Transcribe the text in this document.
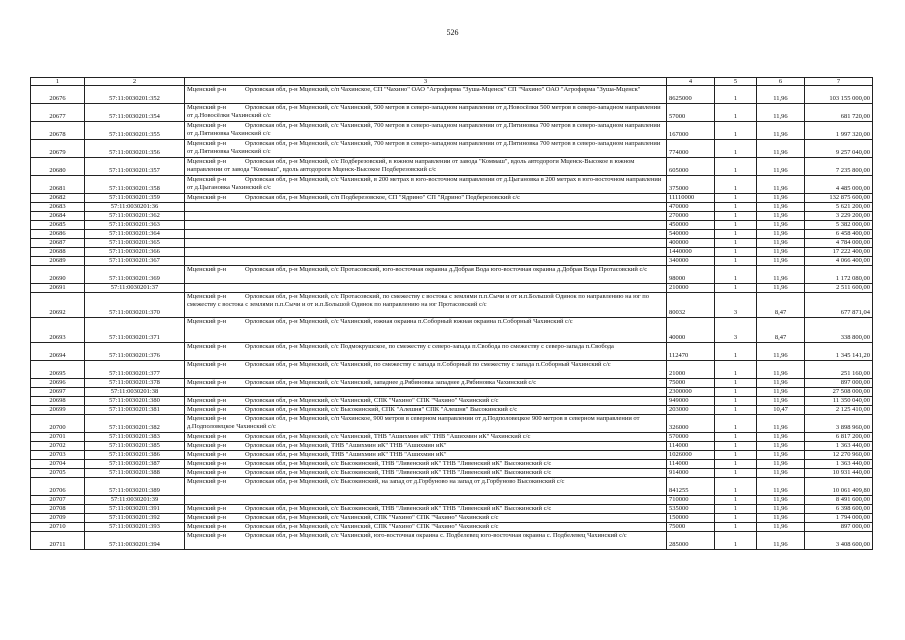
526
1	2	3	4	5	6	7
20676	57:11:0030201:352	Мценский р-н Орловская обл, р-н Мценский, с/п Чахинское, СП "Чахино" ОАО "Агрофирма "Зуша-Мценск" СП "Чахино" ОАО "Агрофирма "Зуша-Мценск"	8625000	1	11,96	103 155 000,00
20677	57:11:0030201:354	Мценский р-н Орловская обл, р-н Мценский, с/с Чахинский, 500 метров в северо-западном направлении от д.Новосёлки 500 метров в северо-западном направлении от д.Новосёлки Чахинский с/с	57000	1	11,96	681 720,00
20678	57:11:0030201:355	Мценский р-н Орловская обл, р-н Мценский, с/с Чахинский, 700 метров в северо-западном направлении от д.Пятиновка 700 метров в северо-западном направлении от д.Пятиновка Чахинский с/с	167000	1	11,96	1 997 320,00
20679	57:11:0030201:356	Мценский р-н Орловская обл, р-н Мценский, с/с Чахинский, 700 метров в северо-западном направлении от д.Пятиновка 700 метров в северо-западном направлении от д.Пятиновка Чахинский с/с	774000	1	11,96	9 257 040,00
20680	57:11:0030201:357	Мценский р-н Орловская обл, р-н Мценский, с/с Подберезовский, в южном направлении от завода "Коммаш", вдоль автодороги Мценск-Высокое в южном направлении от завода "Коммаш", вдоль автодороги Мценск-Высокое Подберезовский с/с	605000	1	11,96	7 235 800,00
20681	57:11:0030201:358	Мценский р-н Орловская обл, р-н Мценский, с/с Чахинский, в 200 метрах в юго-восточном направлении от д.Цыгановка в 200 метрах в юго-восточном направлении от д.Цыгановка Чахинский с/с	375000	1	11,96	4 485 000,00
20682	57:11:0030201:359	Мценский р-н Орловская обл, р-н Мценский, с/п Подберезовское, СП "Ядрино" СП "Ядрино" Подберезовский с/с	11110000	1	11,96	132 875 600,00
20683	57:11:0030201:36		470000	1	11,96	5 621 200,00
20684	57:11:0030201:362		270000	1	11,96	3 229 200,00
20685	57:11:0030201:363		450000	1	11,96	5 382 000,00
20686	57:11:0030201:364		540000	1	11,96	6 458 400,00
20687	57:11:0030201:365		400000	1	11,96	4 784 000,00
20688	57:11:0030201:366		1440000	1	11,96	17 222 400,00
20689	57:11:0030201:367		340000	1	11,96	4 066 400,00
20690	57:11:0030201:369	Мценский р-н Орловская обл, р-н Мценский, с/с Протасовский, юго-восточная окраина д.Добрая Вода юго-восточная окраина д.Добрая Вода Протасовский с/с	98000	1	11,96	1 172 080,00
20691	57:11:0030201:37		210000	1	11,96	2 511 600,00
20692	57:11:0030201:370	Мценский р-н Орловская обл, р-н Мценский, с/с Протасовский, по смежеству с востока с землями п.п.Сычи и от и.п.Большой Одинок по направлению на юг по смежеству с востока с землями п.п.Сычи и от и.п.Большой Одинок по направлению на юг Протасовский с/с	80032	3	8,47	677 871,04
20693	57:11:0030201:371	Мценский р-н Орловская обл, р-н Мценский, с/с Чахинский, южная окраина п.Соборный южная окраина п.Соборный Чахинский с/с	40000	3	8,47	338 800,00
20694	57:11:0030201:376	Мценский р-н Орловская обл, р-н Мценский, с/с Подмокрушское, по смежеству с северо-запада п.Свобода по смежеству с северо-запада п.Свобода	112470	1	11,96	1 345 141,20
20695	57:11:0030201:377	Мценский р-н Орловская обл, р-н Мценский, с/с Чахинский, по смежеству с запада п.Соборный по смежеству с запада п.Соборный Чахинский с/с	21000	1	11,96	251 160,00
20696	57:11:0030201:378	Мценский р-н Орловская обл, р-н Мценский, с/с Чахинский, западнее д.Рябиновка западнее д.Рябиновка Чахинский с/с	75000	1	11,96	897 000,00
20697	57:11:0030201:38		2300000	1	11,96	27 508 000,00
20698	57:11:0030201:380	Мценский р-н Орловская обл, р-н Мценский, с/с Чахинский, СПК "Чахино" СПК "Чахино" Чахинский с/с	949000	1	11,96	11 350 040,00
20699	57:11:0030201:381	Мценский р-н Орловская обл, р-н Мценский, с/с Высокинский, СПК "Алешня" СПК "Алешня" Высокинский с/с	203000	1	10,47	2 125 410,00
20700	57:11:0030201:382	Мценский р-н Орловская обл, р-н Мценский, с/п Чахинское, 900 метров в северном направлении от д.Подполовецкое 900 метров в северном направлении от д.Подполовецкое Чахинский с/с	326000	1	11,96	3 898 960,00
20701	57:11:0030201:383	Мценский р-н Орловская обл, р-н Мценский, с/с Чахинский, ТНВ "Ашихмин иК" ТНВ "Ашихмин иК" Чахинский с/с	570000	1	11,96	6 817 200,00
20702	57:11:0030201:385	Мценский р-н Орловская обл, р-н Мценский, ТНВ "Ашихмин иК" ТНВ "Ашихмин иК"	114000	1	11,96	1 363 440,00
20703	57:11:0030201:386	Мценский р-н Орловская обл, р-н Мценский, ТНВ "Ашихмин иК" ТНВ "Ашихмин иК"	1026000	1	11,96	12 270 960,00
20704	57:11:0030201:387	Мценский р-н Орловская обл, р-н Мценский, с/с Высокинский, ТНВ "Ливенский иК" ТНВ "Ливенский иК" Высокинский с/с	114000	1	11,96	1 363 440,00
20705	57:11:0030201:388	Мценский р-н Орловская обл, р-н Мценский, с/с Высокинский, ТНВ "Ливенский иК" ТНВ "Ливенский иК" Высокинский с/с	914000	1	11,96	10 931 440,00
20706	57:11:0030201:389	Мценский р-н Орловская обл, р-н Мценский, с/с Высокинский, на запад от д.Горбуново на запад от д.Горбуново Высокинский с/с	841255	1	11,96	10 061 409,80
20707	57:11:0030201:39		710000	1	11,96	8 491 600,00
20708	57:11:0030201:391	Мценский р-н Орловская обл, р-н Мценский, с/с Высокинский, ТНВ "Ливенский иК" ТНВ "Ливенский иК" Высокинский с/с	535000	1	11,96	6 398 600,00
20709	57:11:0030201:392	Мценский р-н Орловская обл, р-н Мценский, с/с Чахинский, СПК "Чахино" СПК "Чахино" Чахинский с/с	150000	1	11,96	1 794 000,00
20710	57:11:0030201:393	Мценский р-н Орловская обл, р-н Мценский, с/с Чахинский, СПК "Чахино" СПК "Чахино" Чахинский с/с	75000	1	11,96	897 000,00
20711	57:11:0030201:394	Мценский р-н Орловская обл, р-н Мценский, с/с Чахинский, юго-восточная окраина с. Подбелевец юго-восточная окраина с. Подбелевец Чахинский с/с	285000	1	11,96	3 408 600,00
